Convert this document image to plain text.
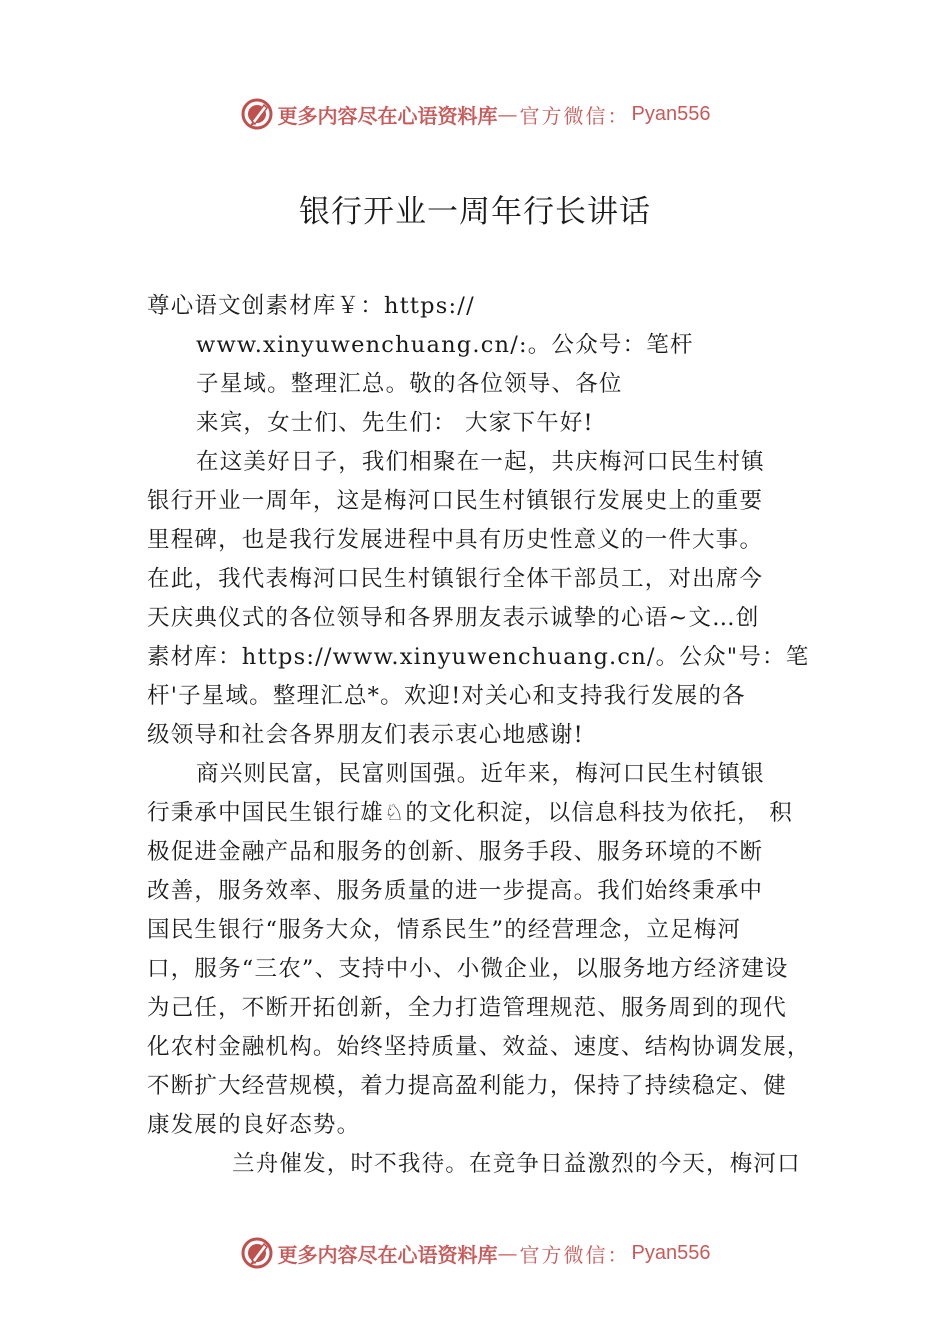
更多内容尽在心语资料库 — 官方微信： Pyan556
银行开业一周年行长讲话
尊心语文创素材库￥：https://
www.xinyuwenchuang.cn/:。公众号：笔杆
子星域。整理汇总。敬的各位领导、各位
来宾，女士们、先生们： 大家下午好!
在这美好日子，我们相聚在一起，共庆梅河口民生村镇
银行开业一周年，这是梅河口民生村镇银行发展史上的重要
里程碑，也是我行发展进程中具有历史性意义的一件大事。
在此，我代表梅河口民生村镇银行全体干部员工，对出席今
天庆典仪式的各位领导和各界朋友表示诚挚的心语~文…创
素材库：https://www.xinyuwenchuang.cn/。公众"号：笔
杆'子星域。整理汇总*。欢迎!对关心和支持我行发展的各
级领导和社会各界朋友们表示衷心地感谢!
商兴则民富，民富则国强。近年来，梅河口民生村镇银
行秉承中国民生银行雄♘的文化积淀，以信息科技为依托， 积
极促进金融产品和服务的创新、服务手段、服务环境的不断
改善，服务效率、服务质量的进一步提高。我们始终秉承中
国民生银行“服务大众，情系民生”的经营理念，立足梅河
口，服务“三农”、支持中小、小微企业，以服务地方经济建设
为己任，不断开拓创新，全力打造管理规范、服务周到的现代
化农村金融机构。始终坚持质量、效益、速度、结构协调发展，
不断扩大经营规模，着力提高盈利能力，保持了持续稳定、健
康发展的良好态势。
兰舟催发，时不我待。在竞争日益激烈的今天，梅河口
更多内容尽在心语资料库 — 官方微信： Pyan556
